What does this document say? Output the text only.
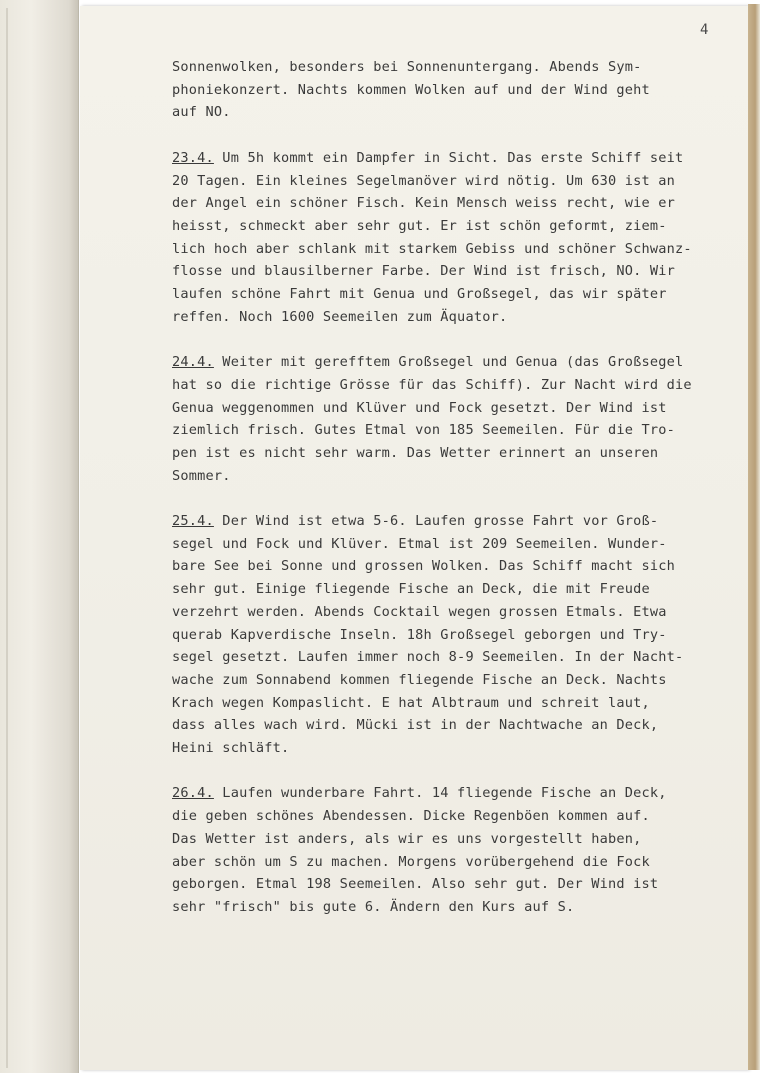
4
Sonnenwolken, besonders bei Sonnenuntergang. Abends Sym-
phoniekonzert. Nachts kommen Wolken auf und der Wind geht
auf NO.
23.4. Um 5h kommt ein Dampfer in Sicht. Das erste Schiff seit
20 Tagen. Ein kleines Segelmanöver wird nötig. Um 630 ist an
der Angel ein schöner Fisch. Kein Mensch weiss recht, wie er
heisst, schmeckt aber sehr gut. Er ist schön geformt, ziem-
lich hoch aber schlank mit starkem Gebiss und schöner Schwanz-
flosse und blausilberner Farbe. Der Wind ist frisch, NO. Wir
laufen schöne Fahrt mit Genua und Großsegel, das wir später
reffen. Noch 1600 Seemeilen zum Äquator.
24.4. Weiter mit gerefftem Großsegel und Genua (das Großsegel
hat so die richtige Grösse für das Schiff). Zur Nacht wird die
Genua weggenommen und Klüver und Fock gesetzt. Der Wind ist
ziemlich frisch. Gutes Etmal von 185 Seemeilen. Für die Tro-
pen ist es nicht sehr warm. Das Wetter erinnert an unseren
Sommer.
25.4. Der Wind ist etwa 5-6. Laufen grosse Fahrt vor Groß-
segel und Fock und Klüver. Etmal ist 209 Seemeilen. Wunder-
bare See bei Sonne und grossen Wolken. Das Schiff macht sich
sehr gut. Einige fliegende Fische an Deck, die mit Freude
verzehrt werden. Abends Cocktail wegen grossen Etmals. Etwa
querab Kapverdische Inseln. 18h Großsegel geborgen und Try-
segel gesetzt. Laufen immer noch 8-9 Seemeilen. In der Nacht-
wache zum Sonnabend kommen fliegende Fische an Deck. Nachts
Krach wegen Kompaslicht. E hat Albtraum und schreit laut,
dass alles wach wird. Mücki ist in der Nachtwache an Deck,
Heini schläft.
26.4. Laufen wunderbare Fahrt. 14 fliegende Fische an Deck,
die geben schönes Abendessen. Dicke Regenböen kommen auf.
Das Wetter ist anders, als wir es uns vorgestellt haben,
aber schön um S zu machen. Morgens vorübergehend die Fock
geborgen. Etmal 198 Seemeilen. Also sehr gut. Der Wind ist
sehr "frisch" bis gute 6. Ändern den Kurs auf S.
